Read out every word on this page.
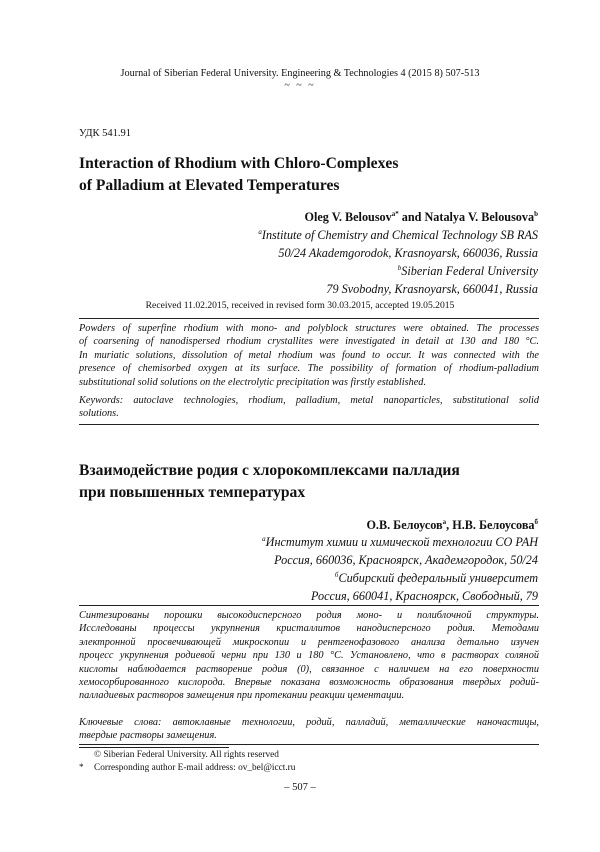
Journal of Siberian Federal University. Engineering & Technologies 4 (2015 8) 507-513
~ ~ ~
УДК 541.91
Interaction of Rhodium with Chloro-Complexes
of Palladium at Elevated Temperatures
Oleg V. Belousov$^{a*}$ and Natalya V. Belousova$^b$
$^a$Institute of Chemistry and Chemical Technology SB RAS
50/24 Akademgorodok, Krasnoyarsk, 660036, Russia
$^b$Siberian Federal University
79 Svobodny, Krasnoyarsk, 660041, Russia
Received 11.02.2015, received in revised form 30.03.2015, accepted 19.05.2015
Powders of superfine rhodium with mono- and polyblock structures were obtained. The processes
of coarsening of nanodispersed rhodium crystallites were investigated in detail at 130 and 180 °С.
In muriatic solutions, dissolution of metal rhodium was found to occur. It was connected with the
presence of chemisorbed oxygen at its surface. The possibility of formation of rhodium-palladium
substitutional solid solutions on the electrolytic precipitation was firstly established.
Keywords: autoclave technologies, rhodium, palladium, metal nanoparticles, substitutional solid
solutions.
Взаимодействие родия с хлорокомплексами палладия
при повышенных температурах
О.В. Белоусов$^а$, Н.В. Белоусова$^б$
$^а$Институт химии и химической технологии СО РАН
Россия, 660036, Красноярск, Академгородок, 50/24
$^б$Сибирский федеральный университет
Россия, 660041, Красноярск, Свободный, 79
Синтезированы порошки высокодисперсного родия моно- и полиблочной структуры.
Исследованы процессы укрупнения кристаллитов нанодисперсного родия. Методами
электронной просвечивающей микроскопии и рентгенофазового анализа детально изучен
процесс укрупнения родиевой черни при 130 и 180 °С. Установлено, что в растворах соляной
кислоты наблюдается растворение родия (0), связанное с наличием на его поверхности
хемосорбированного кислорода. Впервые показана возможность образования твердых родий-
палладиевых растворов замещения при протекании реакции цементации.
Ключевые слова: автоклавные технологии, родий, палладий, металлические наночастицы,
твердые растворы замещения.
© Siberian Federal University. All rights reserved
* Corresponding author E-mail address: ov_bel@icct.ru
– 507 –
